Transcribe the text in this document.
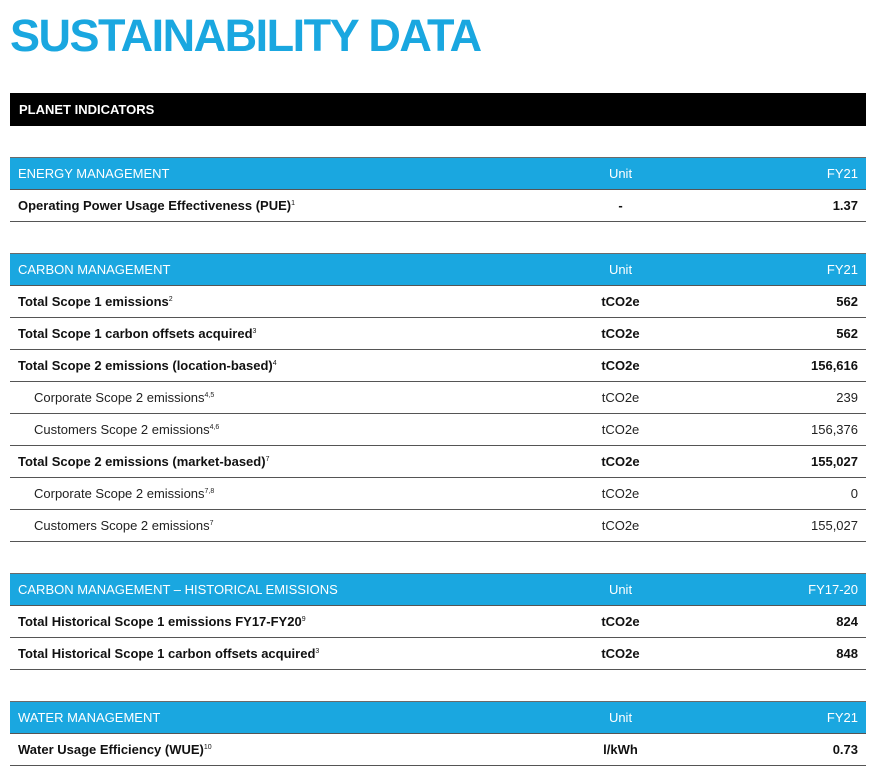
SUSTAINABILITY DATA
PLANET INDICATORS
ENERGY MANAGEMENT	Unit	FY21
Operating Power Usage Effectiveness (PUE)$^1$	-	1.37
CARBON MANAGEMENT	Unit	FY21
Total Scope 1 emissions$^2$	tCO2e	562
Total Scope 1 carbon offsets acquired$^3$	tCO2e	562
Total Scope 2 emissions (location-based)$^4$	tCO2e	156,616
Corporate Scope 2 emissions$^{4,5}$	tCO2e	239
Customers Scope 2 emissions$^{4,6}$	tCO2e	156,376
Total Scope 2 emissions (market-based)$^7$	tCO2e	155,027
Corporate Scope 2 emissions$^{7,8}$	tCO2e	0
Customers Scope 2 emissions$^7$	tCO2e	155,027
CARBON MANAGEMENT – HISTORICAL EMISSIONS	Unit	FY17-20
Total Historical Scope 1 emissions $FY17-FY20^9$	tCO2e	824
Total Historical Scope 1 carbon offsets acquired$^3$	tCO2e	848
WATER MANAGEMENT	Unit	FY21
Water Usage Efficiency (WUE)$^{10}$	l/kWh	0.73
